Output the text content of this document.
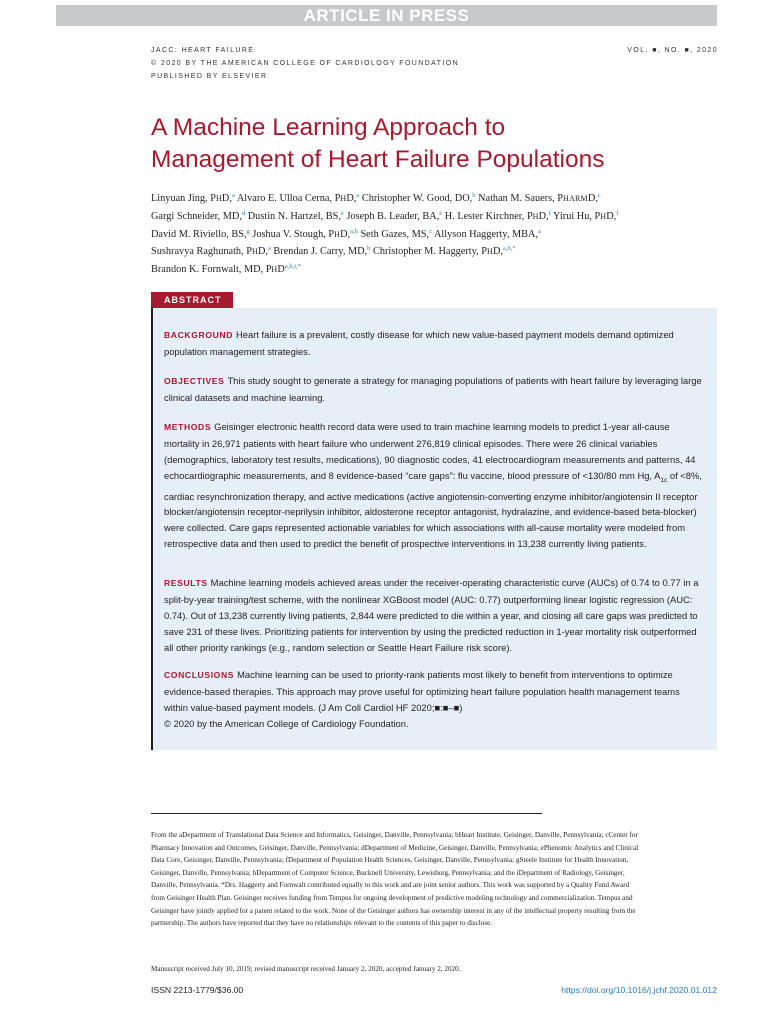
ARTICLE IN PRESS
JACC: HEART FAILURE
© 2020 BY THE AMERICAN COLLEGE OF CARDIOLOGY FOUNDATION
PUBLISHED BY ELSEVIER
VOL. ■, NO. ■, 2020
A Machine Learning Approach to
Management of Heart Failure Populations
Linyuan Jing, PHD,$^a$ Alvaro E. Ulloa Cerna, PHD,$^a$ Christopher W. Good, DO,$^b$ Nathan M. Sauers, PHARMD,$^c$
Gargi Schneider, MD,$^d$ Dustin N. Hartzel, BS,$^e$ Joseph B. Leader, BA,$^e$ H. Lester Kirchner, PHD,$^f$ Yirui Hu, PHD,$^f$
David M. Riviello, BS,$^g$ Joshua V. Stough, PHD,$^{a,h}$ Seth Gazes, MS,$^c$ Allyson Haggerty, MBA,$^a$
Sushravya Raghunath, PHD,$^a$ Brendan J. Carry, MD,$^b$ Christopher M. Haggerty, PHD,$^{a,b,*}$
Brandon K. Fornwalt, MD, $PHD^{a,b,i,*}$
ABSTRACT

BACKGROUND Heart failure is a prevalent, costly disease for which new value-based payment models demand optimized population management strategies.

OBJECTIVES This study sought to generate a strategy for managing populations of patients with heart failure by leveraging large clinical datasets and machine learning.

METHODS Geisinger electronic health record data were used to train machine learning models to predict 1-year all-cause mortality in 26,971 patients with heart failure who underwent 276,819 clinical episodes. There were 26 clinical variables (demographics, laboratory test results, medications), 90 diagnostic codes, 41 electrocardiogram measurements and patterns, 44 echocardiographic measurements, and 8 evidence-based “care gaps”: flu vaccine, blood pressure of <130/80 mm Hg, $A_{1c}$ of <8%, cardiac resynchronization therapy, and active medications (active angiotensin-converting enzyme inhibitor/angiotensin II receptor blocker/angiotensin receptor-neprilysin inhibitor, aldosterone receptor antagonist, hydralazine, and evidence-based beta-blocker) were collected. Care gaps represented actionable variables for which associations with all-cause mortality were modeled from retrospective data and then used to predict the benefit of prospective interventions in 13,238 currently living patients.

RESULTS Machine learning models achieved areas under the receiver-operating characteristic curve (AUCs) of 0.74 to 0.77 in a split-by-year training/test scheme, with the nonlinear XGBoost model (AUC: 0.77) outperforming linear logistic regression (AUC: 0.74). Out of 13,238 currently living patients, 2,844 were predicted to die within a year, and closing all care gaps was predicted to save 231 of these lives. Prioritizing patients for intervention by using the predicted reduction in 1-year mortality risk outperformed all other priority rankings (e.g., random selection or Seattle Heart Failure risk score).

CONCLUSIONS Machine learning can be used to priority-rank patients most likely to benefit from interventions to optimize evidence-based therapies. This approach may prove useful for optimizing heart failure population health management teams within value-based payment models. (J Am Coll Cardiol HF 2020;■:■–■)
© 2020 by the American College of Cardiology Foundation.

From the aDepartment of Translational Data Science and Informatics, Geisinger, Danville, Pennsylvania; bHeart Institute, Geisinger, Danville, Pennsylvania; cCenter for Pharmacy Innovation and Outcomes, Geisinger, Danville, Pennsylvania; dDepartment of Medicine, Geisinger, Danville, Pennsylvania; ePhenomic Analytics and Clinical Data Core, Geisinger, Danville, Pennsylvania; fDepartment of Population Health Sciences, Geisinger, Danville, Pennsylvania; gSteele Institute for Health Innovation, Geisinger, Danville, Pennsylvania; hDepartment of Computer Science, Bucknell University, Lewisburg, Pennsylvania; and the iDepartment of Radiology, Geisinger, Danville, Pennsylvania. *Drs. Haggerty and Fornwalt contributed equally to this work and are joint senior authors. This work was supported by a Quality Fund Award from Geisinger Health Plan. Geisinger receives funding from Tempus for ongoing development of predictive modeling technology and commercialization. Tempus and Geisinger have jointly applied for a patent related to the work. None of the Geisinger authors has ownership interest in any of the intellectual property resulting from the partnership. The authors have reported that they have no relationships relevant to the contents of this paper to disclose.

Manuscript received July 10, 2019; revised manuscript received January 2, 2020, accepted January 2, 2020.

ISSN 2213-1779/$36.00	https://doi.org/10.1016/j.jchf.2020.01.012
